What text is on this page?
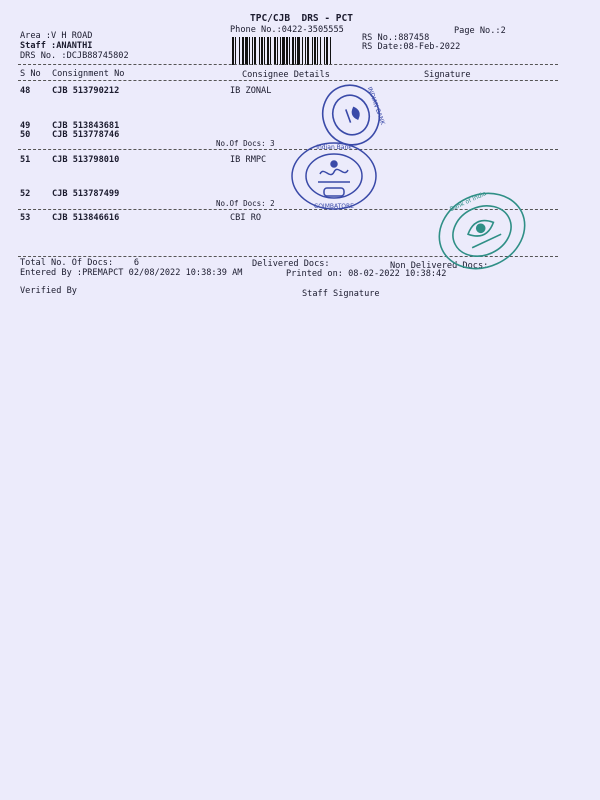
TPC/CJB  DRS - PCT
Phone No.:0422-3505555	Page No.:2
Area :V H ROAD
Staff :ANANTHI
DRS No. :DCJB88745802
RS No.:887458
RS Date:08-Feb-2022
S No Consignment No	Consignee Details	Signature
48	CJB 513790212	IB ZONAL
49	CJB 513843681
50	CJB 513778746
No.Of Docs: 3
51	CJB 513798010	IB RMPC
52	CJB 513787499
No.Of Docs: 2
53	CJB 513846616	CBI RO
Total No. Of Docs:    6	Delivered Docs:	Non Delivered Docs:
Entered By :PREMAPCT 02/08/2022 10:38:39 AM	Printed on: 08-02-2022 10:38:42
Verified By	Staff Signature
INDIAN BANK
Indian Bank
COIMBATORE	Bank of India
